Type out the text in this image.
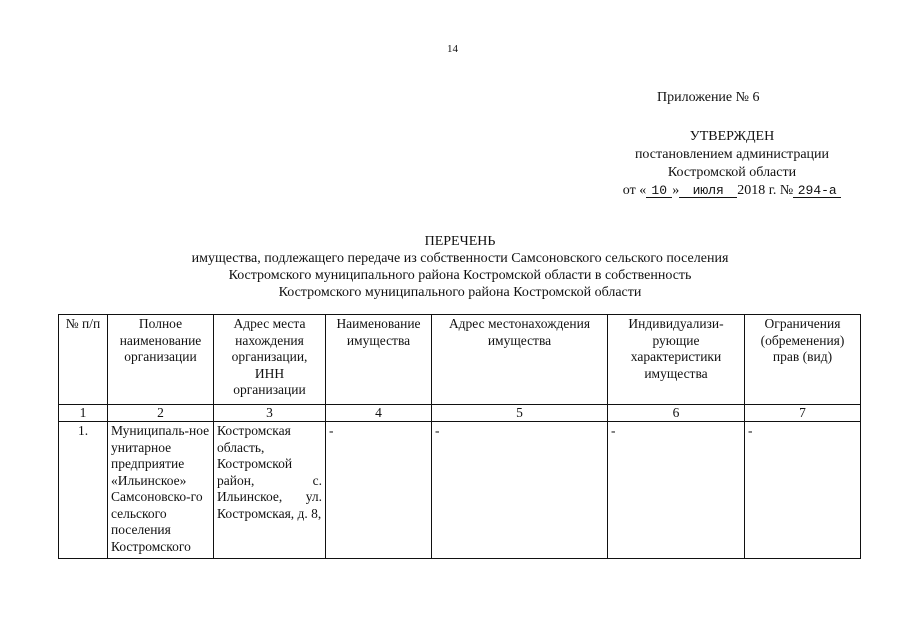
14
Приложение № 6
УТВЕРЖДЕН
постановлением администрации
Костромской области
от « 10 » июля 2018 г. № 294-а
ПЕРЕЧЕНЬ
имущества, подлежащего передаче из собственности Самсоновского сельского поселения
Костромского муниципального района Костромской области в собственность
Костромского муниципального района Костромской области
№ п/п	Полное наименование организации	Адрес места нахождения организации, ИНН организации	Наименование имущества	Адрес местонахождения имущества	Индивидуализи-рующие характеристики имущества	Ограничения (обременения) прав (вид)
1	2	3	4	5	6	7
1.	Муниципаль-ное унитарное предприятие «Ильинское» Самсоновско-го сельского поселения Костромского	Костромская область, Костромской район, с. Ильинское, ул. Костромская, д. 8,	-	-	-	-
